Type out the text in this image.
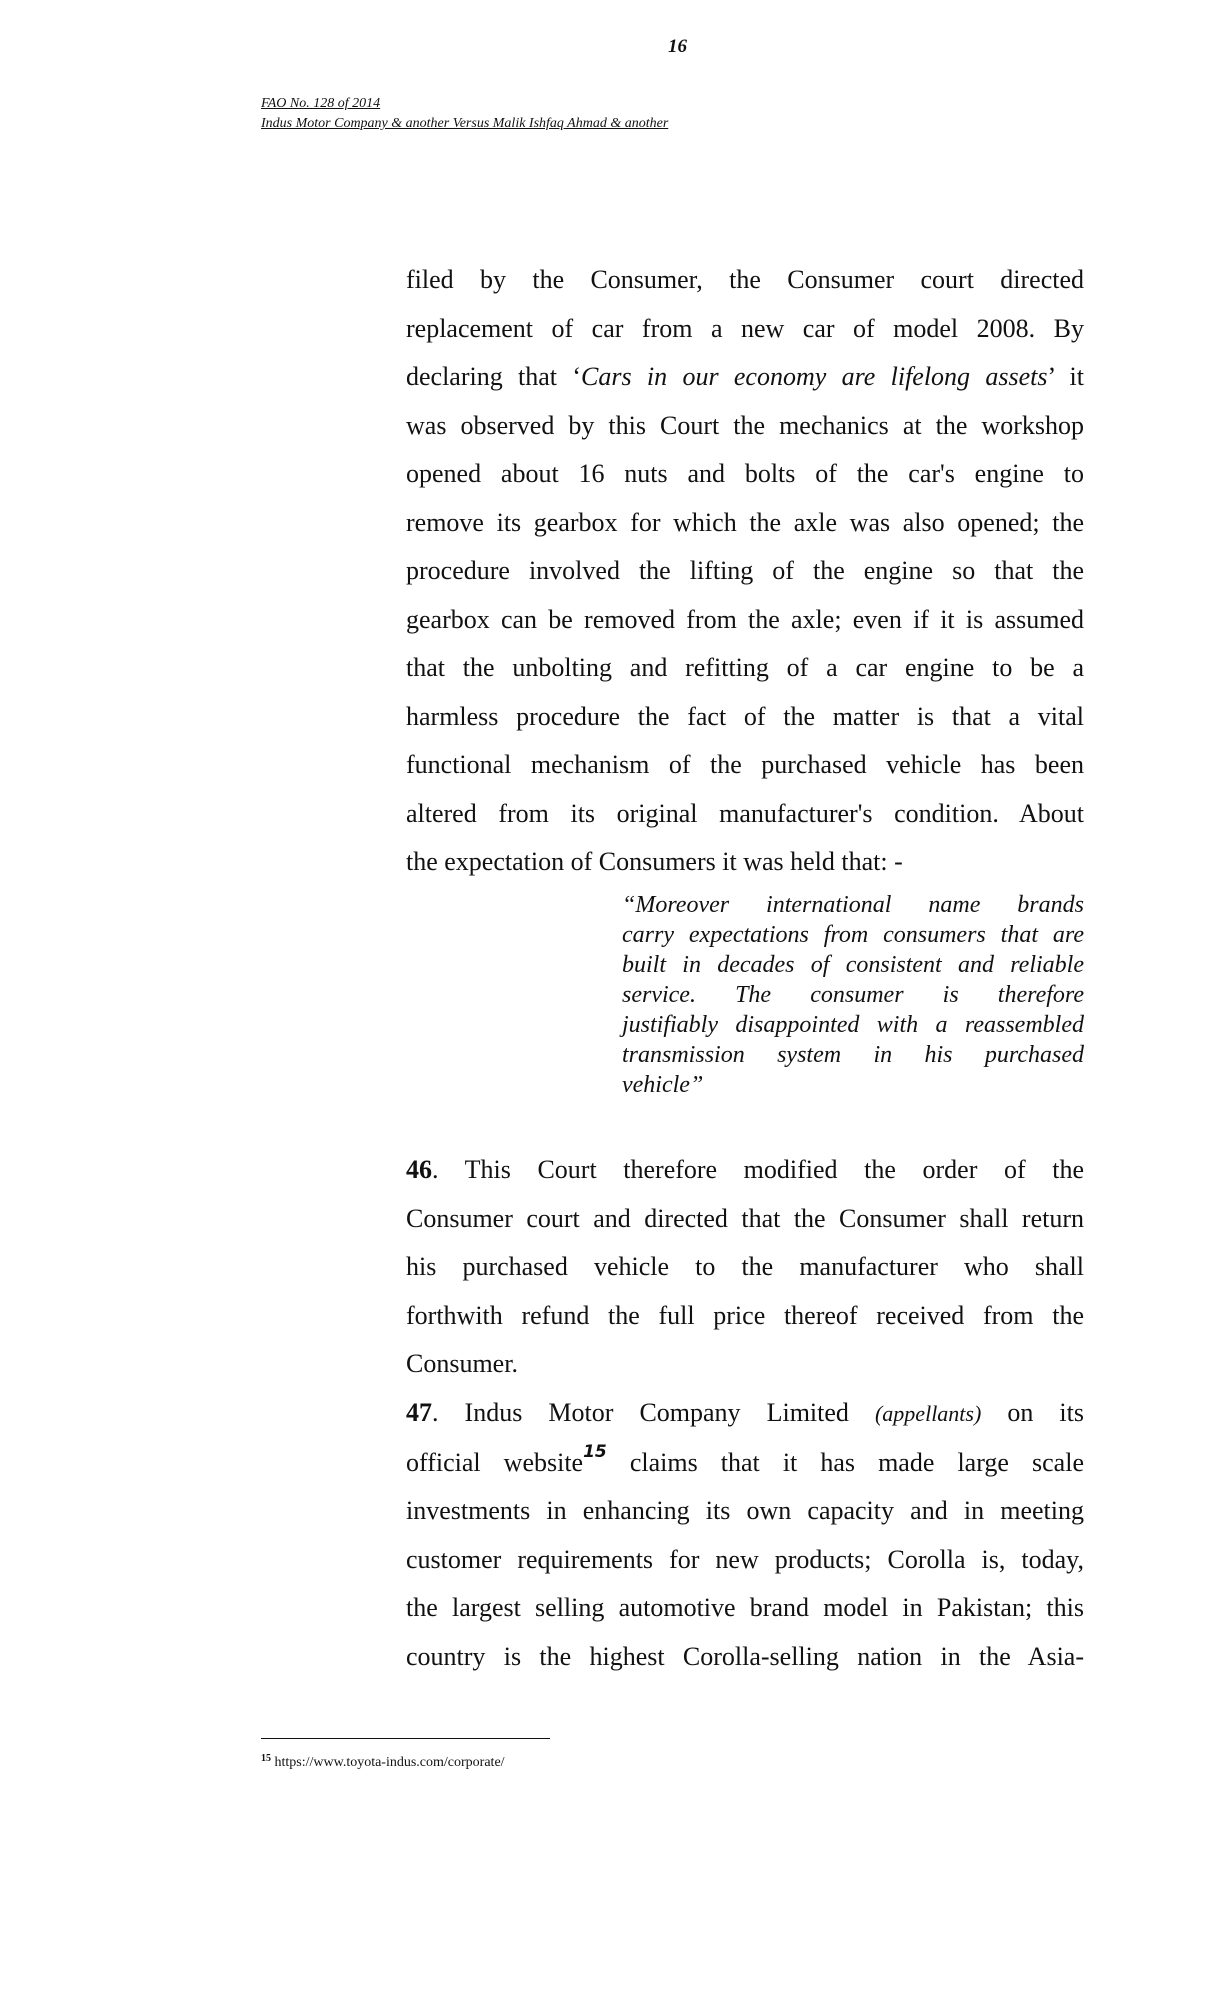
16
FAO No. 128 of 2014
Indus Motor Company & another Versus Malik Ishfaq Ahmad & another
filed by the Consumer, the Consumer court directed
replacement of car from a new car of model 2008. By
declaring that ‘Cars in our economy are lifelong assets’ it
was observed by this Court the mechanics at the workshop
opened about 16 nuts and bolts of the car's engine to
remove its gearbox for which the axle was also opened; the
procedure involved the lifting of the engine so that the
gearbox can be removed from the axle; even if it is assumed
that the unbolting and refitting of a car engine to be a
harmless procedure the fact of the matter is that a vital
functional mechanism of the purchased vehicle has been
altered from its original manufacturer's condition. About
the expectation of Consumers it was held that: -
“Moreover international name brands
carry expectations from consumers that are
built in decades of consistent and reliable
service. The consumer is therefore
justifiably disappointed with a reassembled
transmission system in his purchased
vehicle”
46. This Court therefore modified the order of the
Consumer court and directed that the Consumer shall return
his purchased vehicle to the manufacturer who shall
forthwith refund the full price thereof received from the
Consumer.
47. Indus Motor Company Limited (appellants) on its
official website$^{15}$ claims that it has made large scale
investments in enhancing its own capacity and in meeting
customer requirements for new products; Corolla is, today,
the largest selling automotive brand model in Pakistan; this
country is the highest Corolla-selling nation in the Asia-
$^{15}$ https://www.toyota-indus.com/corporate/
